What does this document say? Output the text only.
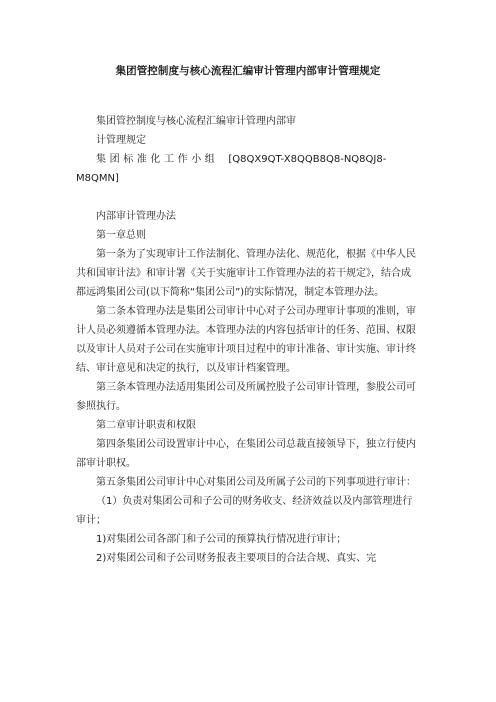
集团管控制度与核心流程汇编审计管理内部审计管理规定

集团管控制度与核心流程汇编审计管理内部审

计管理规定

集团标准化工作小组 [Q8QX9QT-X8QQB8Q8-NQ8QJ8-M8QMN]

内部审计管理办法

第一章总则

第一条为了实现审计工作法制化、管理办法化、规范化，根据《中华人民共和国审计法》和审计署《关于实施审计工作管理办法的若干规定》，结合成都远鸿集团公司(以下简称“集团公司”)的实际情况，制定本管理办法。

第二条本管理办法是集团公司审计中心对子公司办理审计事项的准则，审计人员必须遵循本管理办法。本管理办法的内容包括审计的任务、范围、权限以及审计人员对子公司在实施审计项目过程中的审计准备、审计实施、审计终结、审计意见和决定的执行，以及审计档案管理。

第三条本管理办法适用集团公司及所属控股子公司审计管理，参股公司可参照执行。

第二章审计职责和权限

第四条集团公司设置审计中心，在集团公司总裁直接领导下，独立行使内部审计职权。

第五条集团公司审计中心对集团公司及所属子公司的下列事项进行审计：

（1）负责对集团公司和子公司的财务收支、经济效益以及内部管理进行审计；

1)对集团公司各部门和子公司的预算执行情况进行审计；

2)对集团公司和子公司财务报表主要项目的合法合规、真实、完
